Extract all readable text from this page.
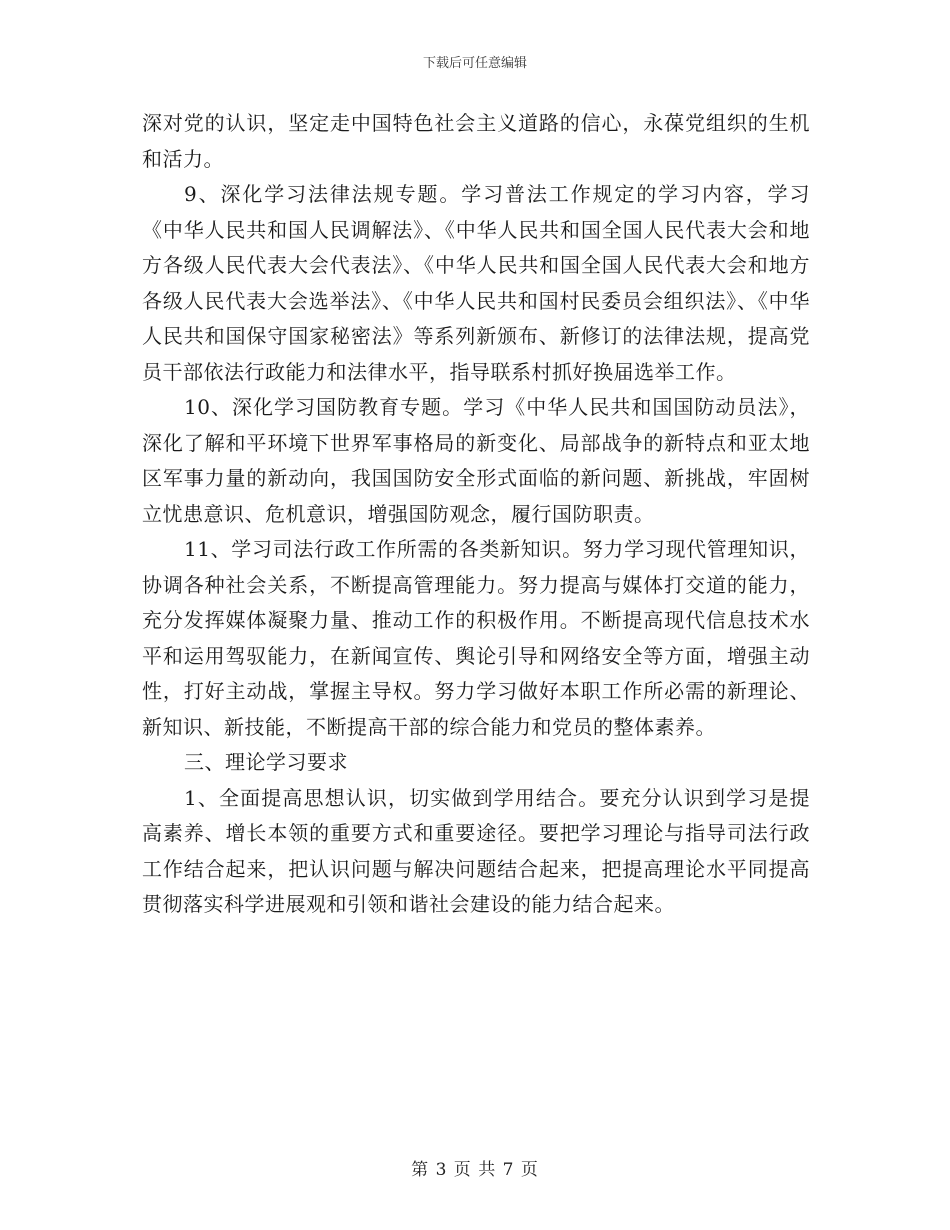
下载后可任意编辑

深对党的认识，坚定走中国特色社会主义道路的信心，永葆党组织的生机和活力。

9、深化学习法律法规专题。学习普法工作规定的学习内容，学习《中华人民共和国人民调解法》、《中华人民共和国全国人民代表大会和地方各级人民代表大会代表法》、《中华人民共和国全国人民代表大会和地方各级人民代表大会选举法》、《中华人民共和国村民委员会组织法》、《中华人民共和国保守国家秘密法》等系列新颁布、新修订的法律法规，提高党员干部依法行政能力和法律水平，指导联系村抓好换届选举工作。

10、深化学习国防教育专题。学习《中华人民共和国国防动员法》，深化了解和平环境下世界军事格局的新变化、局部战争的新特点和亚太地区军事力量的新动向，我国国防安全形式面临的新问题、新挑战，牢固树立忧患意识、危机意识，增强国防观念，履行国防职责。

11、学习司法行政工作所需的各类新知识。努力学习现代管理知识，协调各种社会关系，不断提高管理能力。努力提高与媒体打交道的能力，充分发挥媒体凝聚力量、推动工作的积极作用。不断提高现代信息技术水平和运用驾驭能力，在新闻宣传、舆论引导和网络安全等方面，增强主动性，打好主动战，掌握主导权。努力学习做好本职工作所必需的新理论、新知识、新技能，不断提高干部的综合能力和党员的整体素养。

三、理论学习要求

1、全面提高思想认识，切实做到学用结合。要充分认识到学习是提高素养、增长本领的重要方式和重要途径。要把学习理论与指导司法行政工作结合起来，把认识问题与解决问题结合起来，把提高理论水平同提高贯彻落实科学进展观和引领和谐社会建设的能力结合起来。

第 3 页 共 7 页
